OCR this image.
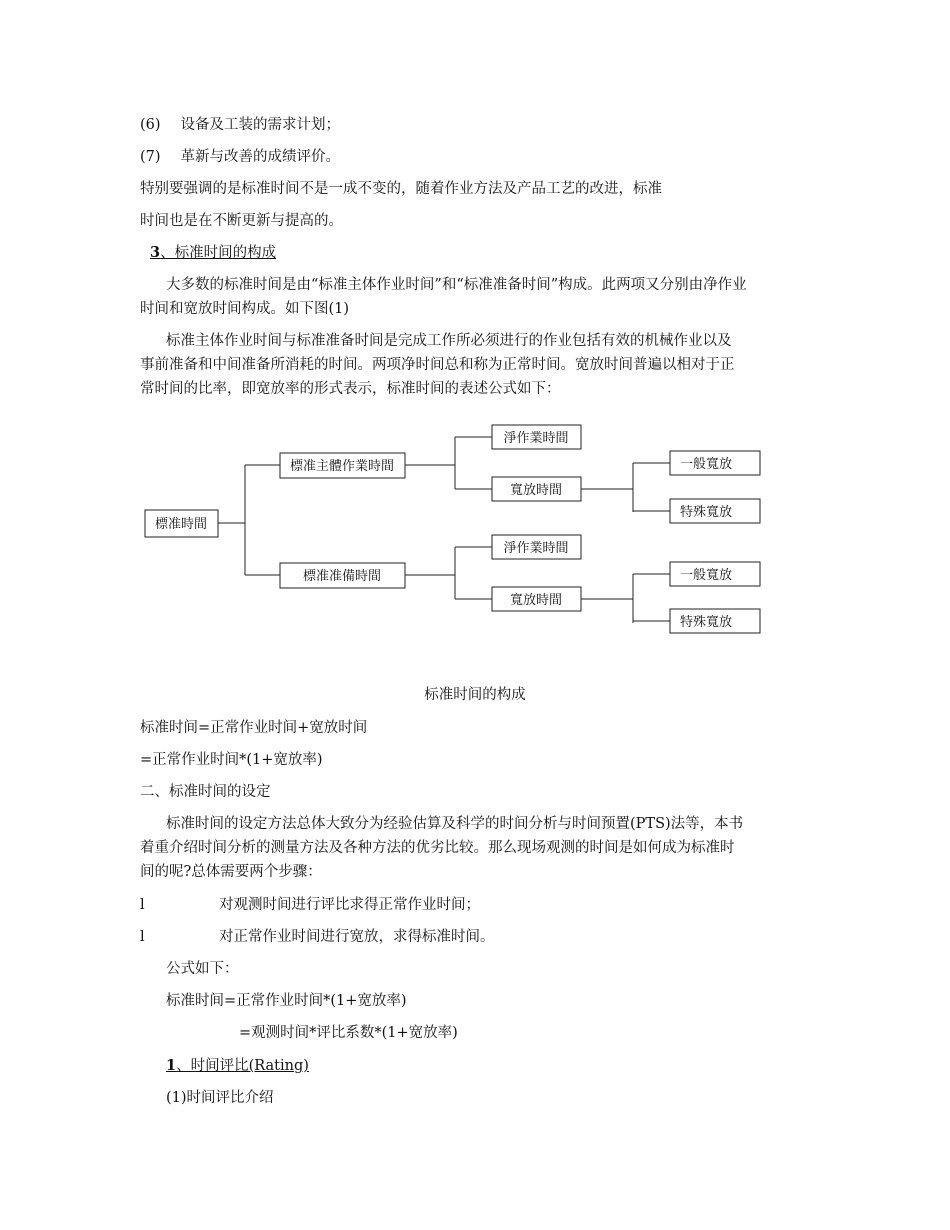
(6) 设备及工装的需求计划；
(7) 革新与改善的成绩评价。
特别要强调的是标准时间不是一成不变的，随着作业方法及产品工艺的改进，标准
时间也是在不断更新与提高的。
3、标准时间的构成
大多数的标准时间是由“标准主体作业时间”和“标准准备时间”构成。此两项又分别由净作业
时间和宽放时间构成。如下图(1)
标准主体作业时间与标准准备时间是完成工作所必须进行的作业包括有效的机械作业以及
事前准备和中间准备所消耗的时间。两项净时间总和称为正常时间。宽放时间普遍以相对于正
常时间的比率，即宽放率的形式表示，标准时间的表述公式如下：
標准時間
標准主體作業時間
標准准備時間
淨作業時間
寬放時間
淨作業時間
寬放時間
一般寬放
特殊寬放
一般寬放
特殊寬放
标准时间的构成
标准时间=正常作业时间+宽放时间
=正常作业时间*(1+宽放率)
二、标准时间的设定
标准时间的设定方法总体大致分为经验估算及科学的时间分析与时间预置(PTS)法等，本书
着重介绍时间分析的测量方法及各种方法的优劣比较。那么现场观测的时间是如何成为标准时
间的呢?总体需要两个步骤：
l	对观测时间进行评比求得正常作业时间；
l	对正常作业时间进行宽放，求得标准时间。
公式如下：
标准时间=正常作业时间*(1+宽放率)
=观测时间*评比系数*(1+宽放率)
1、时间评比(Rating)
(1)时间评比介绍
